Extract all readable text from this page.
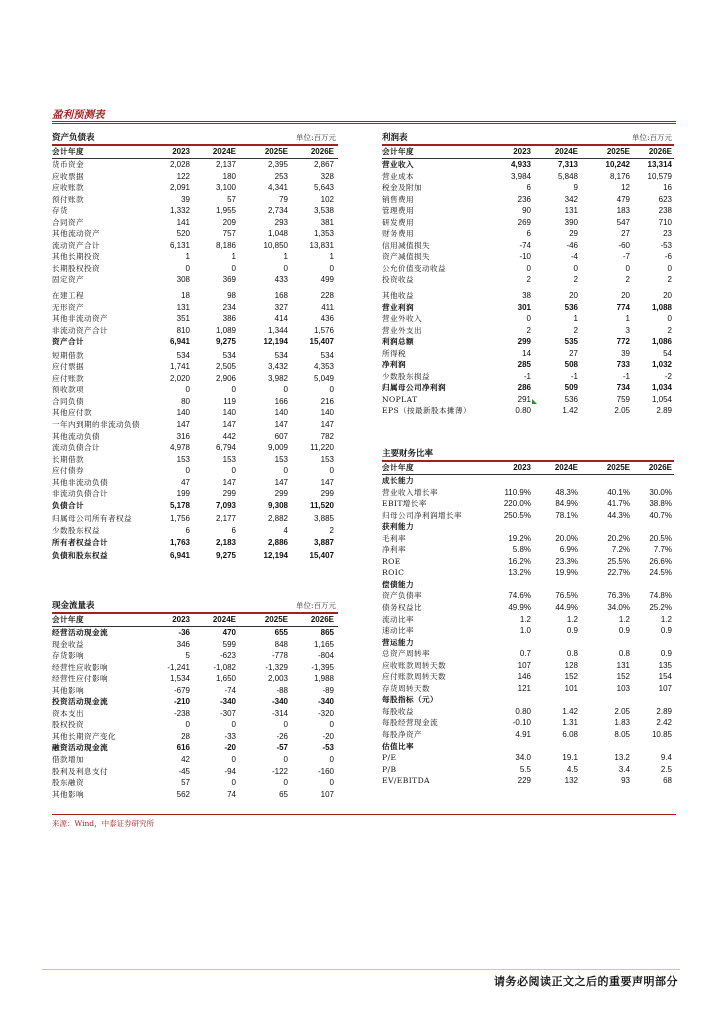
盈利预测表
资产负债表	单位:百万元
会计年度	2023	2024E	2025E	2026E
货币资金	2,028	2,137	2,395	2,867
应收票据	122	180	253	328
应收账款	2,091	3,100	4,341	5,643
预付账款	39	57	79	102
存货	1,332	1,955	2,734	3,538
合同资产	141	209	293	381
其他流动资产	520	757	1,048	1,353
流动资产合计	6,131	8,186	10,850	13,831
其他长期投资	1	1	1	1
长期股权投资	0	0	0	0
固定资产	308	369	433	499
在建工程	18	98	168	228
无形资产	131	234	327	411
其他非流动资产	351	386	414	436
非流动资产合计	810	1,089	1,344	1,576
资产合计	6,941	9,275	12,194	15,407
短期借款	534	534	534	534
应付票据	1,741	2,505	3,432	4,353
应付账款	2,020	2,906	3,982	5,049
预收款项	0	0	0	0
合同负债	80	119	166	216
其他应付款	140	140	140	140
一年内到期的非流动负债	147	147	147	147
其他流动负债	316	442	607	782
流动负债合计	4,978	6,794	9,009	11,220
长期借款	153	153	153	153
应付债券	0	0	0	0
其他非流动负债	47	147	147	147
非流动负债合计	199	299	299	299
负债合计	5,178	7,093	9,308	11,520
归属母公司所有者权益	1,756	2,177	2,882	3,885
少数股东权益	6	6	4	2
所有者权益合计	1,763	2,183	2,886	3,887
负债和股东权益	6,941	9,275	12,194	15,407
利润表	单位:百万元
会计年度	2023	2024E	2025E 2026E
营业收入	4,933	7,313	10,242 13,314
营业成本	3,984	5,848	8,176 10,579
税金及附加	6	9	12	16
销售费用	236	342	479	623
管理费用	90	131	183	238
研发费用	269	390	547	710
财务费用	6	29	27	23
信用减值损失	-74	-46	-60	-53
资产减值损失	-10	-4	-7	-6
公允价值变动收益	0	0	0	0
投资收益	2	2	2	2
其他收益	38	20	20	20
营业利润	301	536	774	1,088
营业外收入	0	1	1	0
营业外支出	2	2	3	2
利润总额	299	535	772	1,086
所得税	14	27	39	54
净利润	285	508	733	1,032
少数股东损益	-1	-1	-1	-2
归属母公司净利润	286	509	734	1,034
NOPLAT	291	536	759	1,054
EPS（按最新股本摊薄）	0.80	1.42	2.05	2.89
主要财务比率
会计年度	2023	2024E	2025E 2026E
成长能力
营业收入增长率	110.9%	48.3%	40.1% 30.0%
EBIT增长率	220.0%	84.9%	41.7% 38.8%
归母公司净利润增长率	250.5%	78.1%	44.3% 40.7%
获利能力
毛利率	19.2%	20.0%	20.2% 20.5%
净利率	5.8%	6.9%	7.2%	7.7%
ROE	16.2%	23.3%	25.5% 26.6%
ROIC	13.2%	19.9%	22.7% 24.5%
偿债能力
资产负债率	74.6%	76.5%	76.3% 74.8%
债务权益比	49.9%	44.9%	34.0% 25.2%
流动比率	1.2	1.2	1.2	1.2
速动比率	1.0	0.9	0.9	0.9
营运能力
总资产周转率	0.7	0.8	0.8	0.9
应收账款周转天数	107	128	131	135
应付账款周转天数	146	152	152	154
存货周转天数	121	101	103	107
每股指标（元）
每股收益	0.80	1.42	2.05	2.89
每股经营现金流	-0.10	1.31	1.83	2.42
每股净资产	4.91	6.08	8.05	10.85
估值比率
P/E	34.0	19.1	13.2	9.4
P/B	5.5	4.5	3.4	2.5
EV/EBITDA	229	132	93	68
现金流量表	单位:百万元
会计年度	2023	2024E	2025E	2026E
经营活动现金流	-36	470	655	865
现金收益	346	599	848	1,165
存货影响	5	-623	-778	-804
经营性应收影响	-1,241	-1,082	-1,329	-1,395
经营性应付影响	1,534	1,650	2,003	1,988
其他影响	-679	-74	-88	-89
投资活动现金流	-210	-340	-340	-340
资本支出	-238	-307	-314	-320
股权投资	0	0	0	0
其他长期资产变化	28	-33	-26	-20
融资活动现金流	616	-20	-57	-53
借款增加	42	0	0	0
股利及利息支付	-45	-94	-122	-160
股东融资	57	0	0	0
其他影响	562	74	65	107
来源：Wind，中泰证券研究所
请务必阅读正文之后的重要声明部分
